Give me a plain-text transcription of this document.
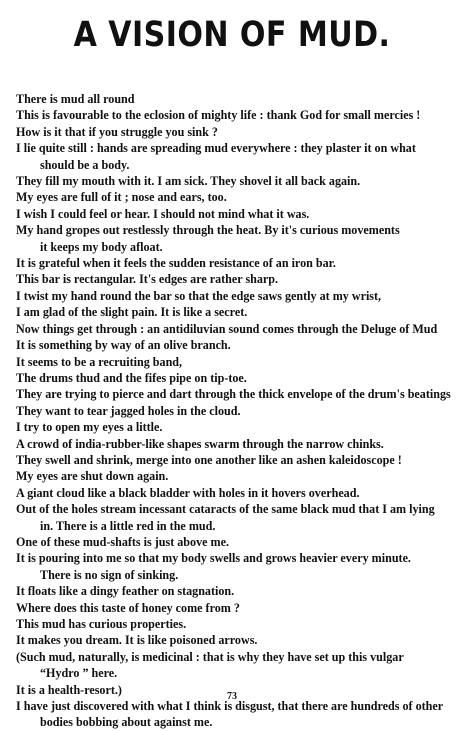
A VISION OF MUD.
There is mud all round
This is favourable to the eclosion of mighty life : thank God for small mercies !
How is it that if you struggle you sink ?
I lie quite still : hands are spreading mud everywhere : they plaster it on what
should be a body.
They fill my mouth with it. I am sick. They shovel it all back again.
My eyes are full of it ; nose and ears, too.
I wish I could feel or hear. I should not mind what it was.
My hand gropes out restlessly through the heat. By it's curious movements
it keeps my body afloat.
It is grateful when it feels the sudden resistance of an iron bar.
This bar is rectangular. It's edges are rather sharp.
I twist my hand round the bar so that the edge saws gently at my wrist,
I am glad of the slight pain. It is like a secret.
Now things get through : an antidiluvian sound comes through the Deluge of Mud
It is something by way of an olive branch.
It seems to be a recruiting band,
The drums thud and the fifes pipe on tip-toe.
They are trying to pierce and dart through the thick envelope of the drum's beatings
They want to tear jagged holes in the cloud.
I try to open my eyes a little.
A crowd of india-rubber-like shapes swarm through the narrow chinks.
They swell and shrink, merge into one another like an ashen kaleidoscope !
My eyes are shut down again.
A giant cloud like a black bladder with holes in it hovers overhead.
Out of the holes stream incessant cataracts of the same black mud that I am lying
in. There is a little red in the mud.
One of these mud-shafts is just above me.
It is pouring into me so that my body swells and grows heavier every minute.
There is no sign of sinking.
It floats like a dingy feather on stagnation.
Where does this taste of honey come from ?
This mud has curious properties.
It makes you dream. It is like poisoned arrows.
(Such mud, naturally, is medicinal : that is why they have set up this vulgar
“Hydro ” here.
It is a health-resort.)
I have just discovered with what I think is disgust, that there are hundreds of other
bodies bobbing about against me.
73
